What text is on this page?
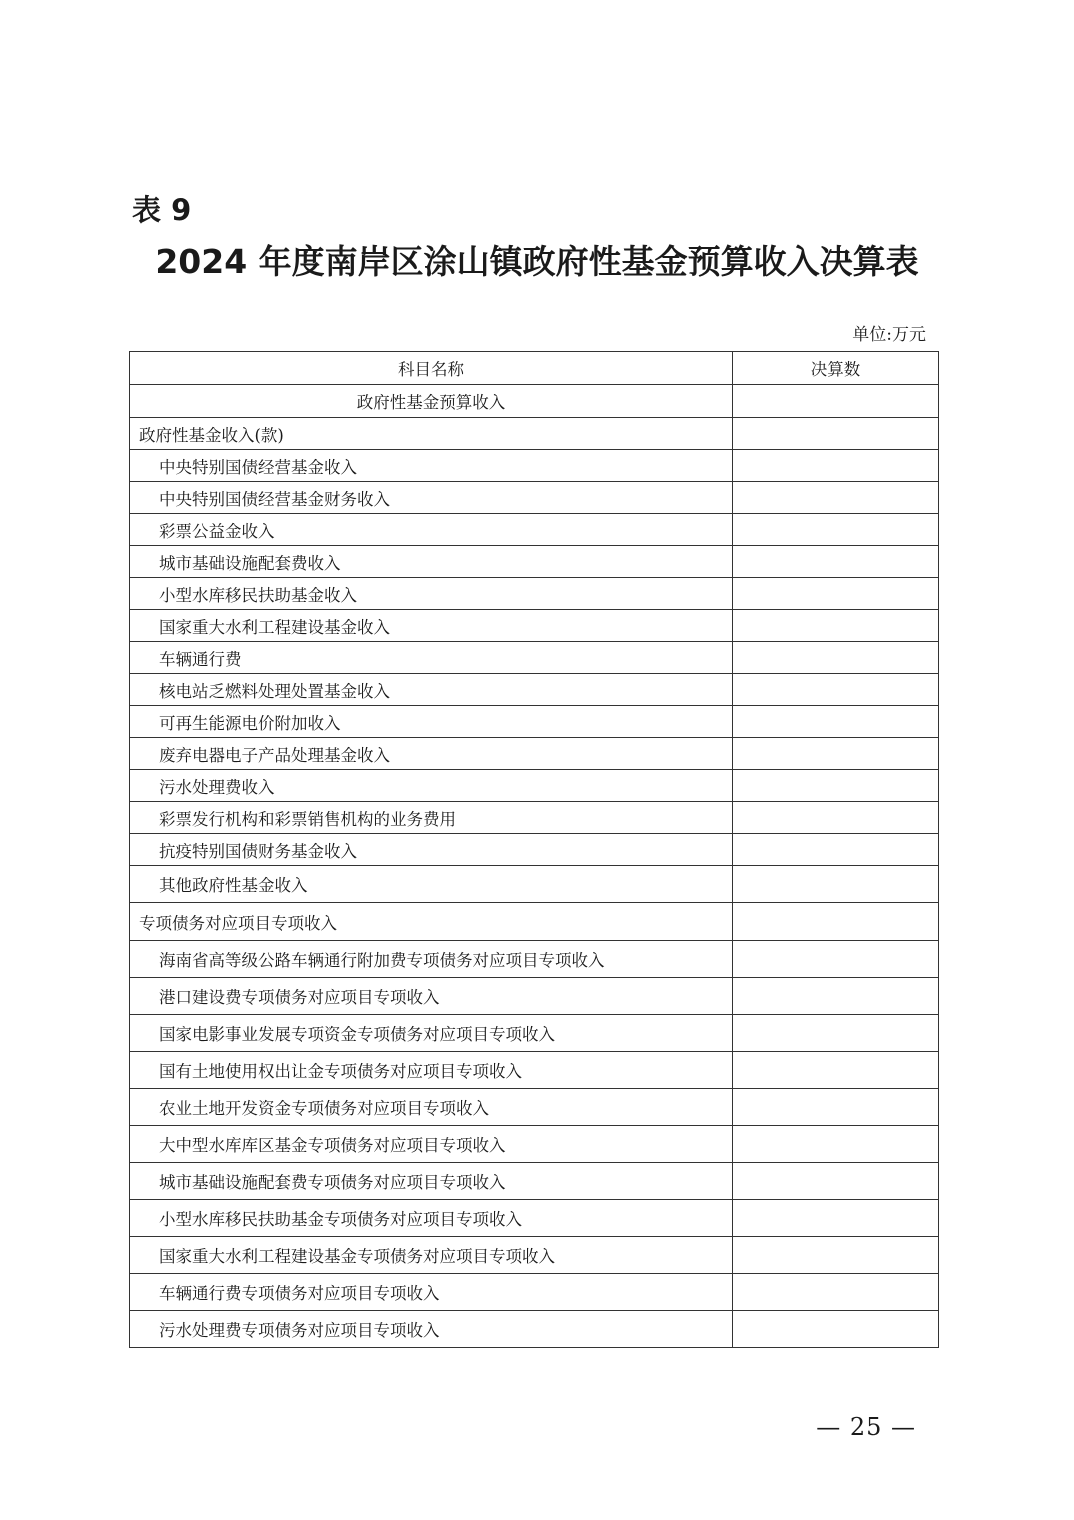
表 9
2024 年度南岸区涂山镇政府性基金预算收入决算表
单位:万元
科目名称	决算数
政府性基金预算收入	
政府性基金收入(款)	
中央特别国债经营基金收入	
中央特别国债经营基金财务收入	
彩票公益金收入	
城市基础设施配套费收入	
小型水库移民扶助基金收入	
国家重大水利工程建设基金收入	
车辆通行费	
核电站乏燃料处理处置基金收入	
可再生能源电价附加收入	
废弃电器电子产品处理基金收入	
污水处理费收入	
彩票发行机构和彩票销售机构的业务费用	
抗疫特别国债财务基金收入	
其他政府性基金收入	
专项债务对应项目专项收入	
海南省高等级公路车辆通行附加费专项债务对应项目专项收入	
港口建设费专项债务对应项目专项收入	
国家电影事业发展专项资金专项债务对应项目专项收入	
国有土地使用权出让金专项债务对应项目专项收入	
农业土地开发资金专项债务对应项目专项收入	
大中型水库库区基金专项债务对应项目专项收入	
城市基础设施配套费专项债务对应项目专项收入	
小型水库移民扶助基金专项债务对应项目专项收入	
国家重大水利工程建设基金专项债务对应项目专项收入	
车辆通行费专项债务对应项目专项收入	
污水处理费专项债务对应项目专项收入	
— 25 —
